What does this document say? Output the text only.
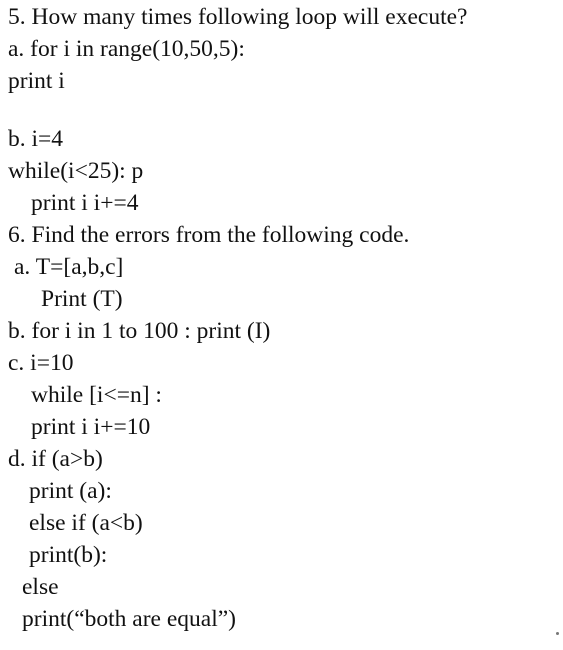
5. How many times following loop will execute?
a. for i in range(10,50,5):
print i
b. i=4
while(i<25): p
print i i+=4
6. Find the errors from the following code.
a. T=[a,b,c]
Print (T)
b. for i in 1 to 100 : print (I)
c. i=10
while [i<=n] :
print i i+=10
d. if (a>b)
print (a):
else if (a<b)
print(b):
else
print(“both are equal”)
